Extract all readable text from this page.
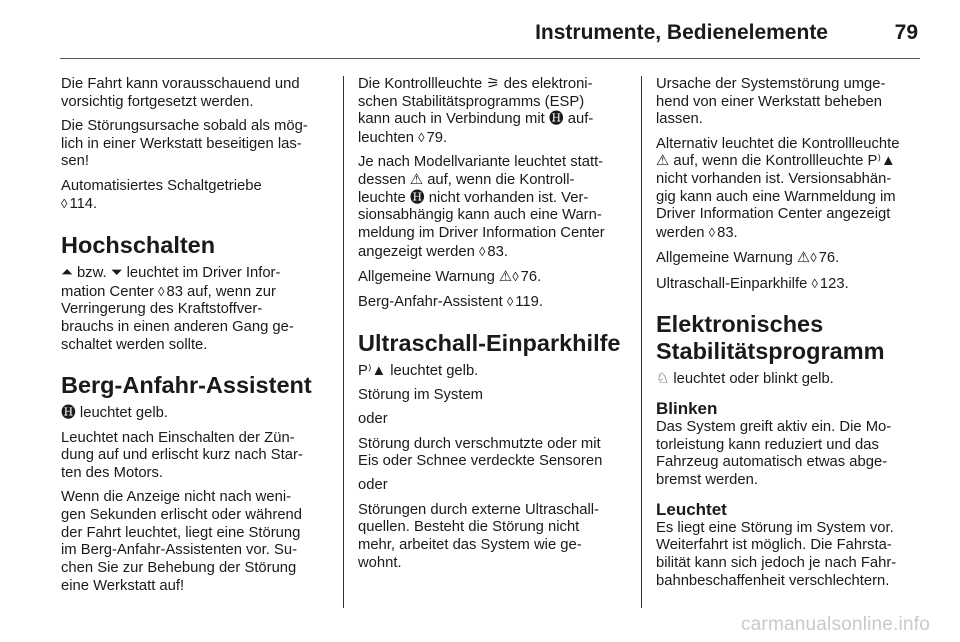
Instrumente, Bedienelemente	79
Die Fahrt kann vorausschauend und
vorsichtig fortgesetzt werden.
Die Störungsursache sobald als mög-
lich in einer Werkstatt beseitigen las-
sen!
Automatisiertes Schaltgetriebe
◊ 114.
Hochschalten
⏶ bzw. ⏷ leuchtet im Driver Infor-
mation Center ◊ 83 auf, wenn zur
Verringerung des Kraftstoffver-
brauchs in einen anderen Gang ge-
schaltet werden sollte.
Berg-Anfahr-Assistent
🅗 leuchtet gelb.
Leuchtet nach Einschalten der Zün-
dung auf und erlischt kurz nach Star-
ten des Motors.
Wenn die Anzeige nicht nach weni-
gen Sekunden erlischt oder während
der Fahrt leuchtet, liegt eine Störung
im Berg-Anfahr-Assistenten vor. Su-
chen Sie zur Behebung der Störung
eine Werkstatt auf!
Die Kontrollleuchte ⚞ des elektroni-
schen Stabilitätsprogramms (ESP)
kann auch in Verbindung mit 🅗 auf-
leuchten ◊ 79.
Je nach Modellvariante leuchtet statt-
dessen ⚠ auf, wenn die Kontroll-
leuchte 🅗 nicht vorhanden ist. Ver-
sionsabhängig kann auch eine Warn-
meldung im Driver Information Center
angezeigt werden ◊ 83.
Allgemeine Warnung ⚠◊ 76.
Berg-Anfahr-Assistent ◊ 119.
Ultraschall-Einparkhilfe
P⁾▲ leuchtet gelb.
Störung im System
oder
Störung durch verschmutzte oder mit
Eis oder Schnee verdeckte Sensoren
oder
Störungen durch externe Ultraschall-
quellen. Besteht die Störung nicht
mehr, arbeitet das System wie ge-
wohnt.
Ursache der Systemstörung umge-
hend von einer Werkstatt beheben
lassen.
Alternativ leuchtet die Kontrollleuchte
⚠ auf, wenn die Kontrollleuchte P⁾▲
nicht vorhanden ist. Versionsabhän-
gig kann auch eine Warnmeldung im
Driver Information Center angezeigt
werden ◊ 83.
Allgemeine Warnung ⚠◊ 76.
Ultraschall-Einparkhilfe ◊ 123.
Elektronisches
Stabilitätsprogramm
♘ leuchtet oder blinkt gelb.
Blinken
Das System greift aktiv ein. Die Mo-
torleistung kann reduziert und das
Fahrzeug automatisch etwas abge-
bremst werden.
Leuchtet
Es liegt eine Störung im System vor.
Weiterfahrt ist möglich. Die Fahrsta-
bilität kann sich jedoch je nach Fahr-
bahnbeschaffenheit verschlechtern.
carmanualsonline.info
